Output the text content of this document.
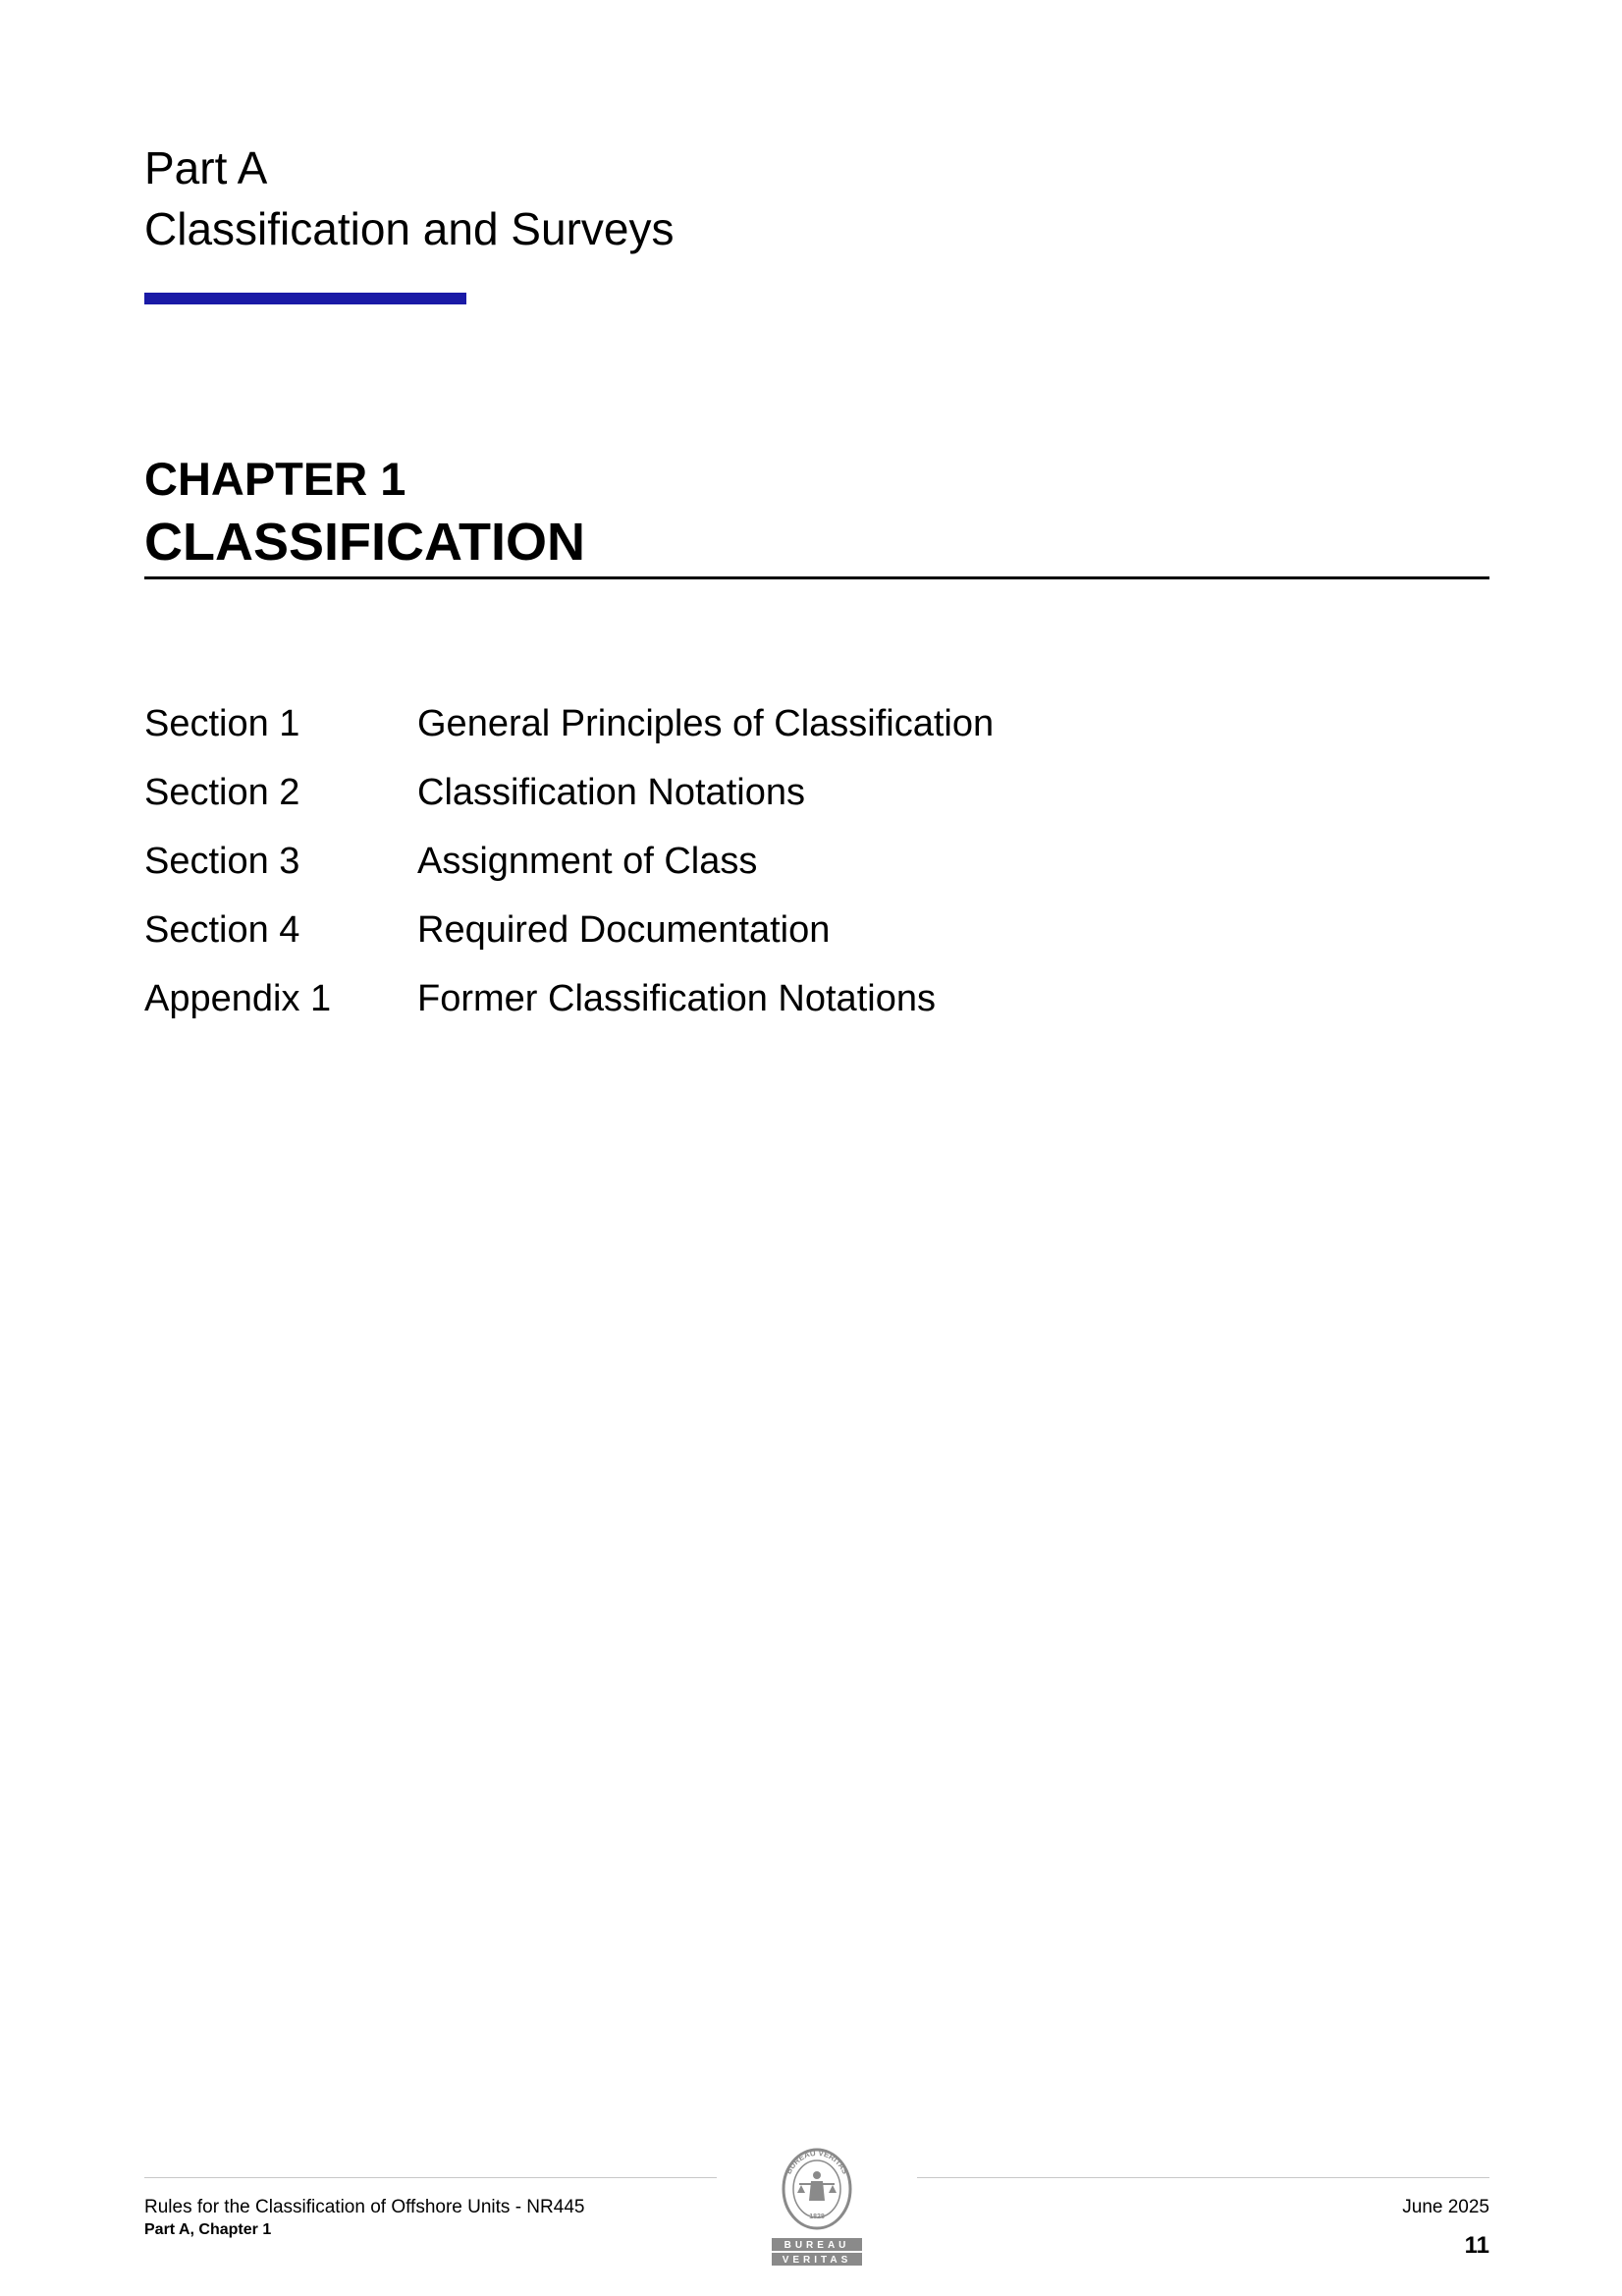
Part A
Classification and Surveys
CHAPTER 1
CLASSIFICATION
Section 1	General Principles of Classification
Section 2	Classification Notations
Section 3	Assignment of Class
Section 4	Required Documentation
Appendix 1	Former Classification Notations
Rules for the Classification of Offshore Units - NR445
Part A, Chapter 1
BUREAU VERITAS
1828
BUREAU
VERITAS
June 2025
11
